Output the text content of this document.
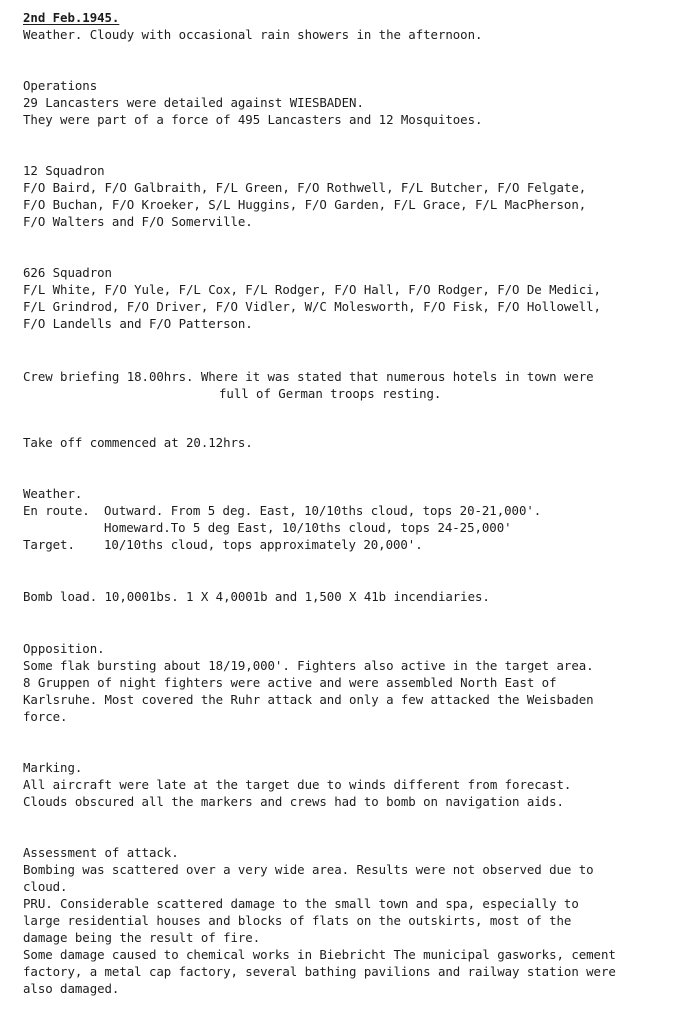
2nd Feb.1945.
Weather. Cloudy with occasional rain showers in the afternoon.
Operations
29 Lancasters were detailed against WIESBADEN.
They were part of a force of 495 Lancasters and 12 Mosquitoes.
12 Squadron
F/O Baird, F/O Galbraith, F/L Green, F/O Rothwell, F/L Butcher, F/O Felgate,
F/O Buchan, F/O Kroeker, S/L Huggins, F/O Garden, F/L Grace, F/L MacPherson,
F/O Walters and F/O Somerville.
626 Squadron
F/L White, F/O Yule, F/L Cox, F/L Rodger, F/O Hall, F/O Rodger, F/O De Medici,
F/L Grindrod, F/O Driver, F/O Vidler, W/C Molesworth, F/O Fisk, F/O Hollowell,
F/O Landells and F/O Patterson.
Crew briefing 18.00hrs. Where it was stated that numerous hotels in town were
full of German troops resting.
Take off commenced at 20.12hrs.
Weather.
En route. Outward. From 5 deg. East, 10/10ths cloud, tops 20-21,000'.
Homeward.To 5 deg East, 10/10ths cloud, tops 24-25,000'
Target. 10/10ths cloud, tops approximately 20,000'.
Bomb load. 10,0001bs. 1 X 4,0001b and 1,500 X 41b incendiaries.
Opposition.
Some flak bursting about 18/19,000'. Fighters also active in the target area.
8 Gruppen of night fighters were active and were assembled North East of
Karlsruhe. Most covered the Ruhr attack and only a few attacked the Weisbaden
force.
Marking.
All aircraft were late at the target due to winds different from forecast.
Clouds obscured all the markers and crews had to bomb on navigation aids.
Assessment of attack.
Bombing was scattered over a very wide area. Results were not observed due to
cloud.
PRU. Considerable scattered damage to the small town and spa, especially to
large residential houses and blocks of flats on the outskirts, most of the
damage being the result of fire.
Some damage caused to chemical works in Biebricht The municipal gasworks, cement
factory, a metal cap factory, several bathing pavilions and railway station were
also damaged.
